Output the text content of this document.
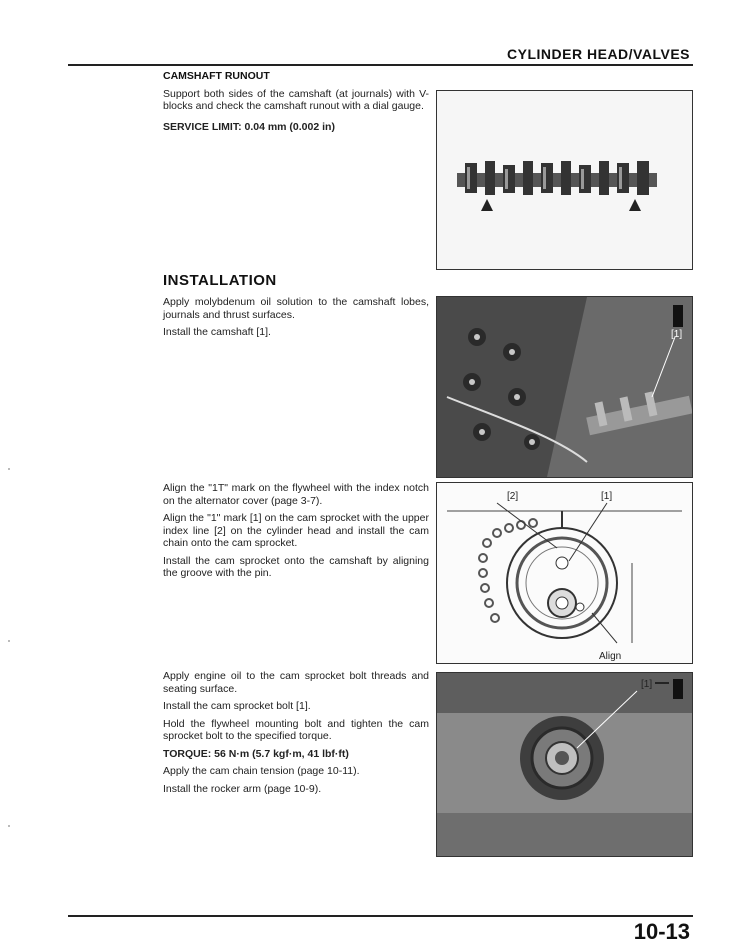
CYLINDER HEAD/VALVES

CAMSHAFT RUNOUT

Support both sides of the camshaft (at journals) with V-blocks and check the camshaft runout with a dial gauge.

SERVICE LIMIT: 0.04 mm (0.002 in)

INSTALLATION

Apply molybdenum oil solution to the camshaft lobes, journals and thrust surfaces.

Install the camshaft [1].	[1]

Align the "1T" mark on the flywheel with the index notch on the alternator cover (page 3-7).

Align the "1" mark [1] on the cam sprocket with the upper index line [2] on the cylinder head and install the cam chain onto the cam sprocket.

Install the cam sprocket onto the camshaft by aligning the groove with the pin.

[2]	[1]
Align

Apply engine oil to the cam sprocket bolt threads and seating surface.

Install the cam sprocket bolt [1].

Hold the flywheel mounting bolt and tighten the cam sprocket bolt to the specified torque.

TORQUE: 56 N·m (5.7 kgf·m, 41 lbf·ft)

Apply the cam chain tension (page 10-11).

Install the rocker arm (page 10-9).

[1]
10-13
